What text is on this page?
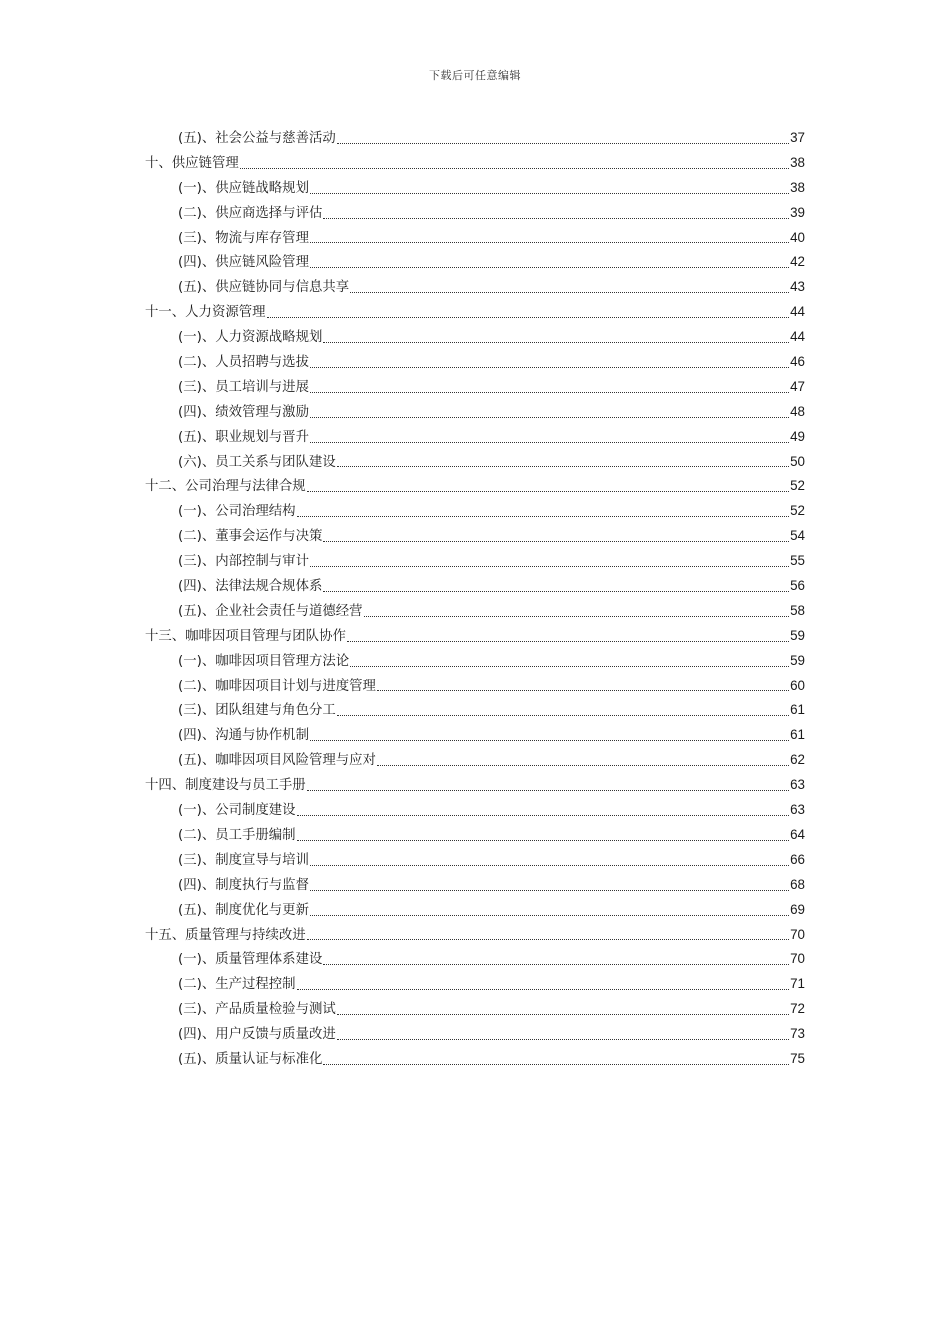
下载后可任意编辑
(五)、社会公益与慈善活动	37
十、供应链管理	38
(一)、供应链战略规划	38
(二)、供应商选择与评估	39
(三)、物流与库存管理	40
(四)、供应链风险管理	42
(五)、供应链协同与信息共享	43
十一、人力资源管理	44
(一)、人力资源战略规划	44
(二)、人员招聘与选拔	46
(三)、员工培训与进展	47
(四)、绩效管理与激励	48
(五)、职业规划与晋升	49
(六)、员工关系与团队建设	50
十二、公司治理与法律合规	52
(一)、公司治理结构	52
(二)、董事会运作与决策	54
(三)、内部控制与审计	55
(四)、法律法规合规体系	56
(五)、企业社会责任与道德经营	58
十三、咖啡因项目管理与团队协作	59
(一)、咖啡因项目管理方法论	59
(二)、咖啡因项目计划与进度管理	60
(三)、团队组建与角色分工	61
(四)、沟通与协作机制	61
(五)、咖啡因项目风险管理与应对	62
十四、制度建设与员工手册	63
(一)、公司制度建设	63
(二)、员工手册编制	64
(三)、制度宣导与培训	66
(四)、制度执行与监督	68
(五)、制度优化与更新	69
十五、质量管理与持续改进	70
(一)、质量管理体系建设	70
(二)、生产过程控制	71
(三)、产品质量检验与测试	72
(四)、用户反馈与质量改进	73
(五)、质量认证与标准化	75
